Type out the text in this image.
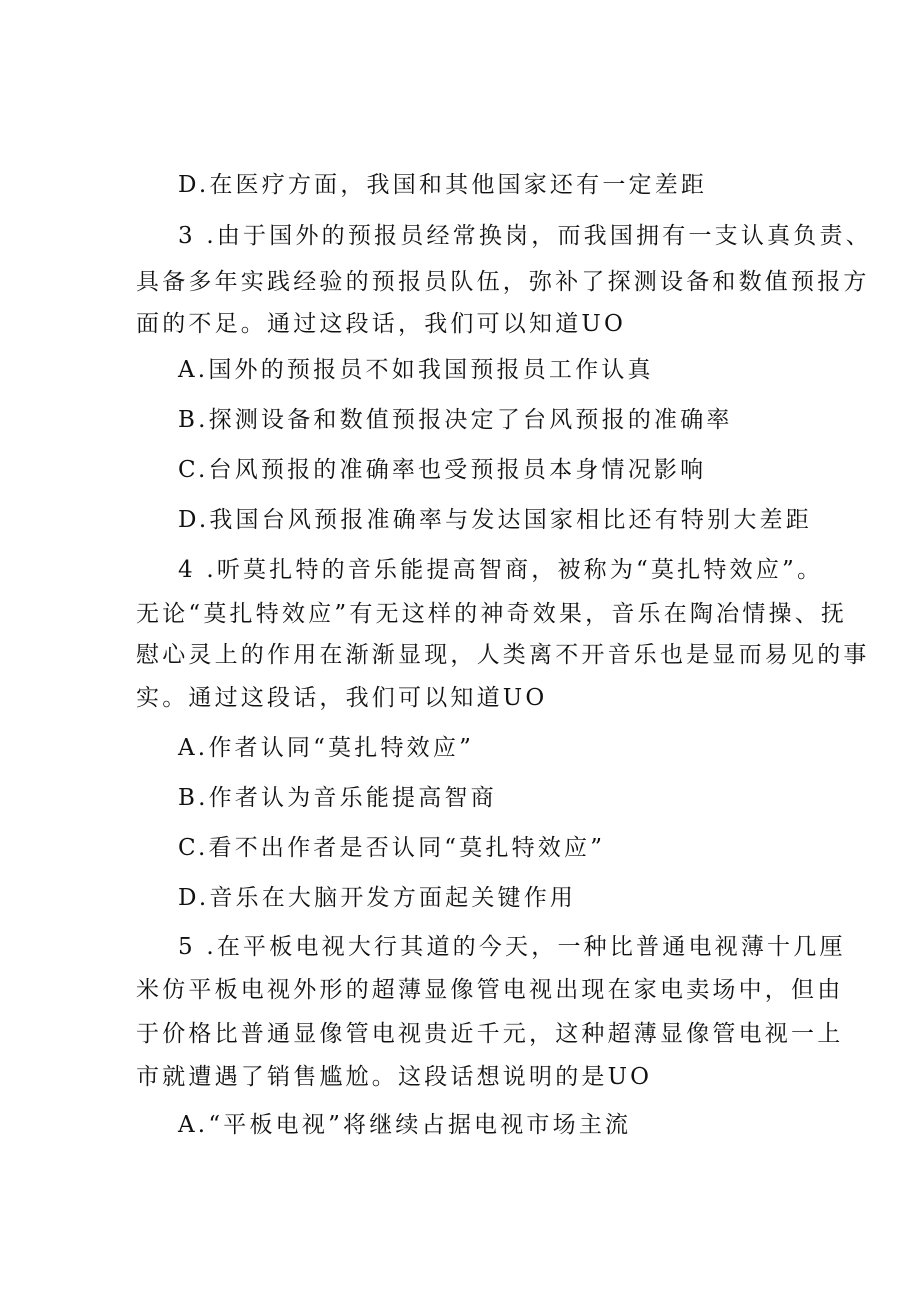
D.在医疗方面，我国和其他国家还有一定差距
3 .由于国外的预报员经常换岗，而我国拥有一支认真负责、
具备多年实践经验的预报员队伍，弥补了探测设备和数值预报方
面的不足。通过这段话，我们可以知道UO
A.国外的预报员不如我国预报员工作认真
B.探测设备和数值预报决定了台风预报的准确率
C.台风预报的准确率也受预报员本身情况影响
D.我国台风预报准确率与发达国家相比还有特别大差距
4 .听莫扎特的音乐能提高智商，被称为“莫扎特效应”。
无论“莫扎特效应”有无这样的神奇效果，音乐在陶冶情操、抚
慰心灵上的作用在渐渐显现，人类离不开音乐也是显而易见的事
实。通过这段话，我们可以知道UO
A.作者认同“莫扎特效应”
B.作者认为音乐能提高智商
C.看不出作者是否认同“莫扎特效应”
D.音乐在大脑开发方面起关键作用
5 .在平板电视大行其道的今天，一种比普通电视薄十几厘
米仿平板电视外形的超薄显像管电视出现在家电卖场中，但由
于价格比普通显像管电视贵近千元，这种超薄显像管电视一上
市就遭遇了销售尴尬。这段话想说明的是UO
A.“平板电视”将继续占据电视市场主流
